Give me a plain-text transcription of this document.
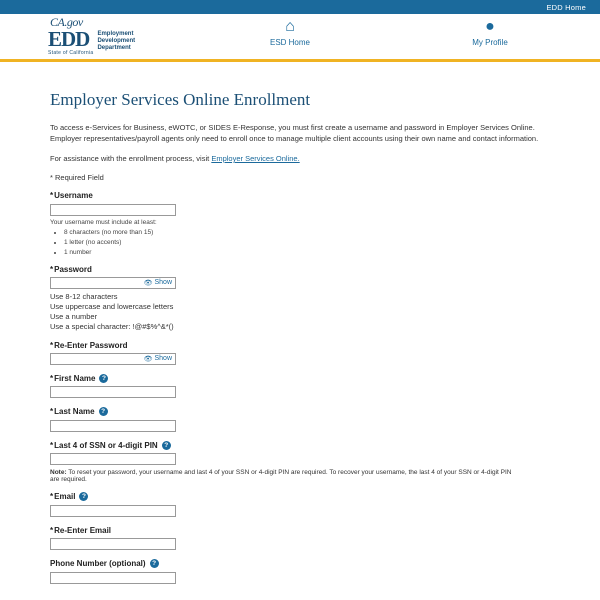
EDD Home
CA.gov
EDD
State of California
Employment
Development
Department
⌂
ESD Home
●
My Profile
Employer Services Online Enrollment

To access e-Services for Business, eWOTC, or SIDES E-Response, you must first create a username and password in Employer Services Online. Employer representatives/payroll agents only need to enroll once to manage multiple client accounts using their own name and contact information.

For assistance with the enrollment process, visit Employer Services Online.

* Required Field
* Username
Your username must include at least:
• 8 characters (no more than 15)
• 1 letter (no accents)
• 1 number
* Password
👁 Show
Use 8-12 characters
Use uppercase and lowercase letters
Use a number
Use a special character: !@#$%^&*()
* Re-Enter Password
👁 Show
* First Name	?
* Last Name	?
* Last 4 of SSN or 4-digit PIN	?
Note: To reset your password, your username and last 4 of your SSN or 4-digit PIN are required. To recover your username, the last 4 of your SSN or 4-digit PIN are required.
* Email	?
* Re-Enter Email
Phone Number (optional)	?
